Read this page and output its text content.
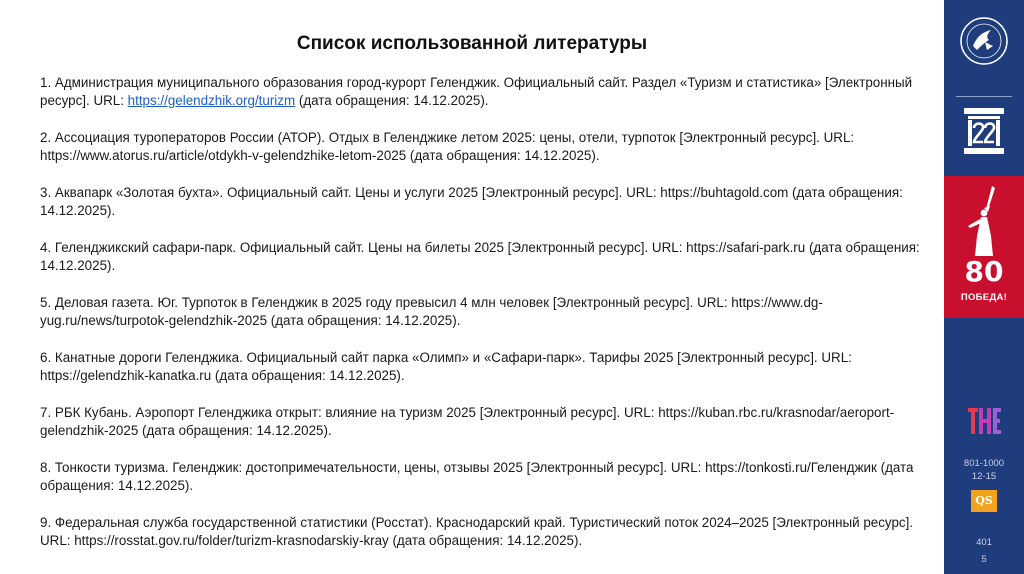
Список использованной литературы
1. Администрация муниципального образования город-курорт Геленджик. Официальный сайт. Раздел «Туризм и статистика» [Электронный ресурс]. URL: https://gelendzhik.org/turizm (дата обращения: 14.12.2025).
2. Ассоциация туроператоров России (АТОР). Отдых в Геленджике летом 2025: цены, отели, турпоток [Электронный ресурс]. URL: https://www.atorus.ru/article/otdykh-v-gelendzhike-letom-2025 (дата обращения: 14.12.2025).
3. Аквапарк «Золотая бухта». Официальный сайт. Цены и услуги 2025 [Электронный ресурс]. URL: https://buhtagold.com (дата обращения: 14.12.2025).
4. Геленджикский сафари-парк. Официальный сайт. Цены на билеты 2025 [Электронный ресурс]. URL: https://safari-park.ru (дата обращения: 14.12.2025).
5. Деловая газета. Юг. Турпоток в Геленджик в 2025 году превысил 4 млн человек [Электронный ресурс]. URL: https://www.dg-yug.ru/news/turpotok-gelendzhik-2025 (дата обращения: 14.12.2025).
6. Канатные дороги Геленджика. Официальный сайт парка «Олимп» и «Сафари-парк». Тарифы 2025 [Электронный ресурс]. URL: https://gelendzhik-kanatka.ru (дата обращения: 14.12.2025).
7. РБК Кубань. Аэропорт Геленджика открыт: влияние на туризм 2025 [Электронный ресурс]. URL: https://kuban.rbc.ru/krasnodar/aeroport-gelendzhik-2025 (дата обращения: 14.12.2025).
8. Тонкости туризма. Геленджик: достопримечательности, цены, отзывы 2025 [Электронный ресурс]. URL: https://tonkosti.ru/Геленджик (дата обращения: 14.12.2025).
9. Федеральная служба государственной статистики (Росстат). Краснодарский край. Туристический поток 2024–2025 [Электронный ресурс]. URL: https://rosstat.gov.ru/folder/turizm-krasnodarskiy-kray (дата обращения: 14.12.2025).
80
ПОБЕДА!
801-1000
12-15
QS
401
5
